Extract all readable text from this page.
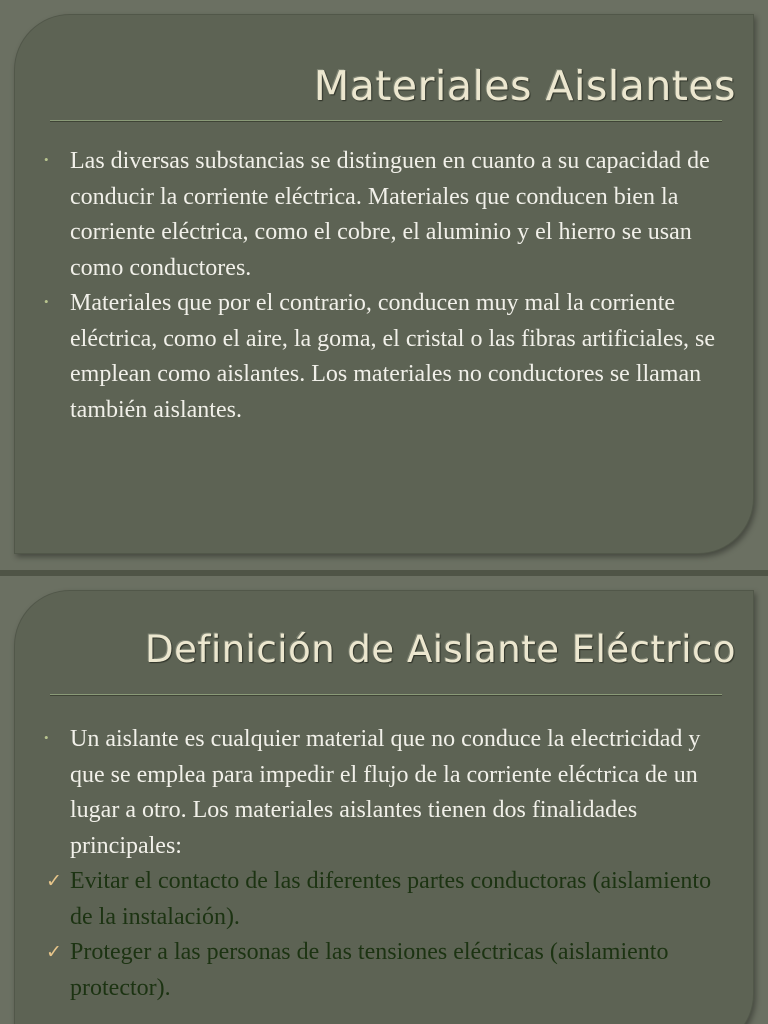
Materiales Aislantes

• Las diversas substancias se distinguen en cuanto a su capacidad de conducir la corriente eléctrica. Materiales que conducen bien la corriente eléctrica, como el cobre, el aluminio y el hierro se usan como conductores.

• Materiales que por el contrario, conducen muy mal la corriente eléctrica, como el aire, la goma, el cristal o las fibras artificiales, se emplean como aislantes. Los materiales no conductores se llaman también aislantes.

Definición de Aislante Eléctrico

• Un aislante es cualquier material que no conduce la electricidad y que se emplea para impedir el flujo de la corriente eléctrica de un lugar a otro. Los materiales aislantes tienen dos finalidades principales:

✓ Evitar el contacto de las diferentes partes conductoras (aislamiento de la instalación).

✓ Proteger a las personas de las tensiones eléctricas (aislamiento protector).
